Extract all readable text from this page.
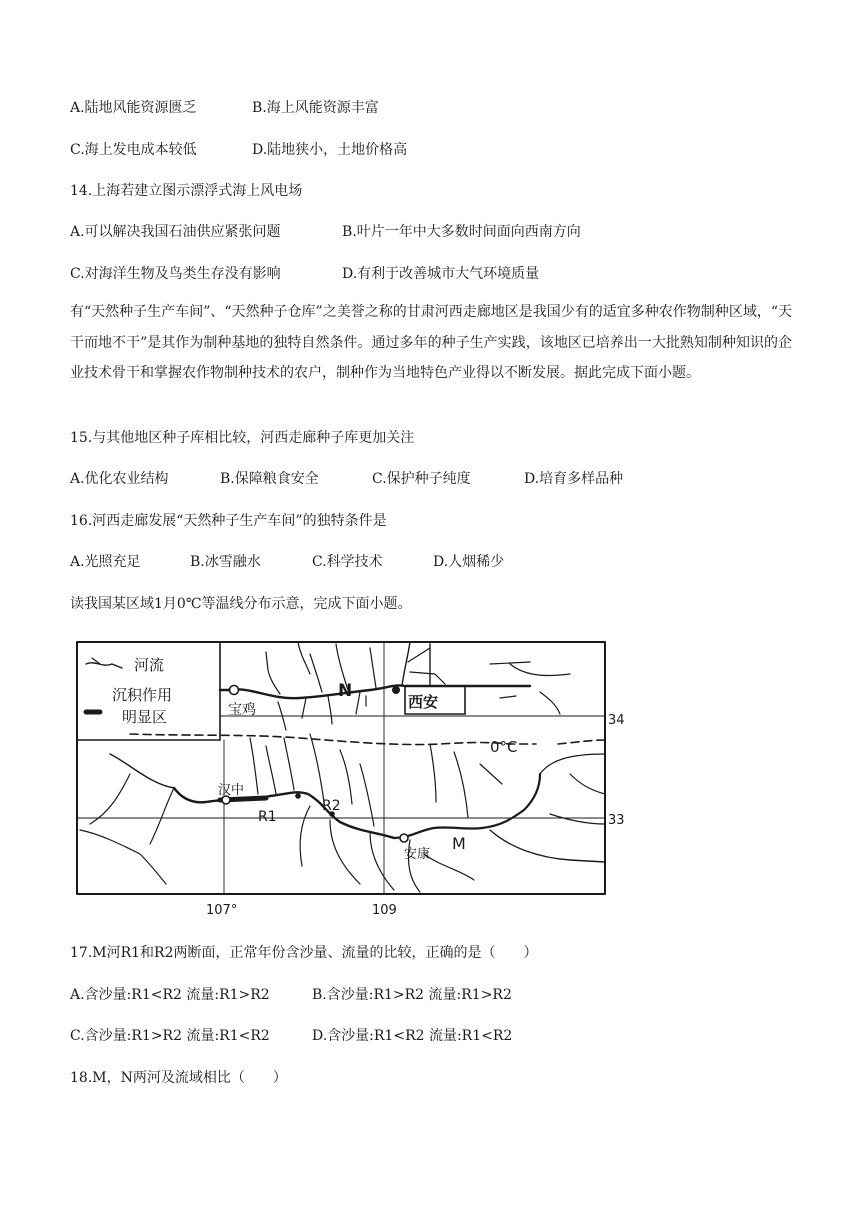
A.陆地风能资源匮乏	B.海上风能资源丰富
C.海上发电成本较低	D.陆地狭小，土地价格高
14.上海若建立图示漂浮式海上风电场
A.可以解决我国石油供应紧张问题	B.叶片一年中大多数时间面向西南方向
C.对海洋生物及鸟类生存没有影响	D.有利于改善城市大气环境质量
有“天然种子生产车间”、“天然种子仓库”之美誉之称的甘肃河西走廊地区是我国少有的适宜多种农作物制种区域，“天干而地不干”是其作为制种基地的独特自然条件。通过多年的种子生产实践，该地区已培养出一大批熟知制种知识的企业技术骨干和掌握农作物制种技术的农户，制种作为当地特色产业得以不断发展。据此完成下面小题。
15.与其他地区种子库相比较，河西走廊种子库更加关注
A.优化农业结构	B.保障粮食安全	C.保护种子纯度	D.培育多样品种
16.河西走廊发展“天然种子生产车间”的独特条件是
A.光照充足	B.冰雪融水	C.科学技术	D.人烟稀少
读我国某区域1月0℃等温线分布示意，完成下面小题。
河流
沉积作用
明显区
N
西安
宝鸡
0°C
34
33
汉中
R1
R2
M
安康
107°	109
17.M河R1和R2两断面，正常年份含沙量、流量的比较，正确的是（　　）
A.含沙量:R1<R2 流量:R1>R2	B.含沙量:R1>R2 流量:R1>R2
C.含沙量:R1>R2 流量:R1<R2	D.含沙量:R1<R2 流量:R1<R2
18.M，N两河及流域相比（　　）
